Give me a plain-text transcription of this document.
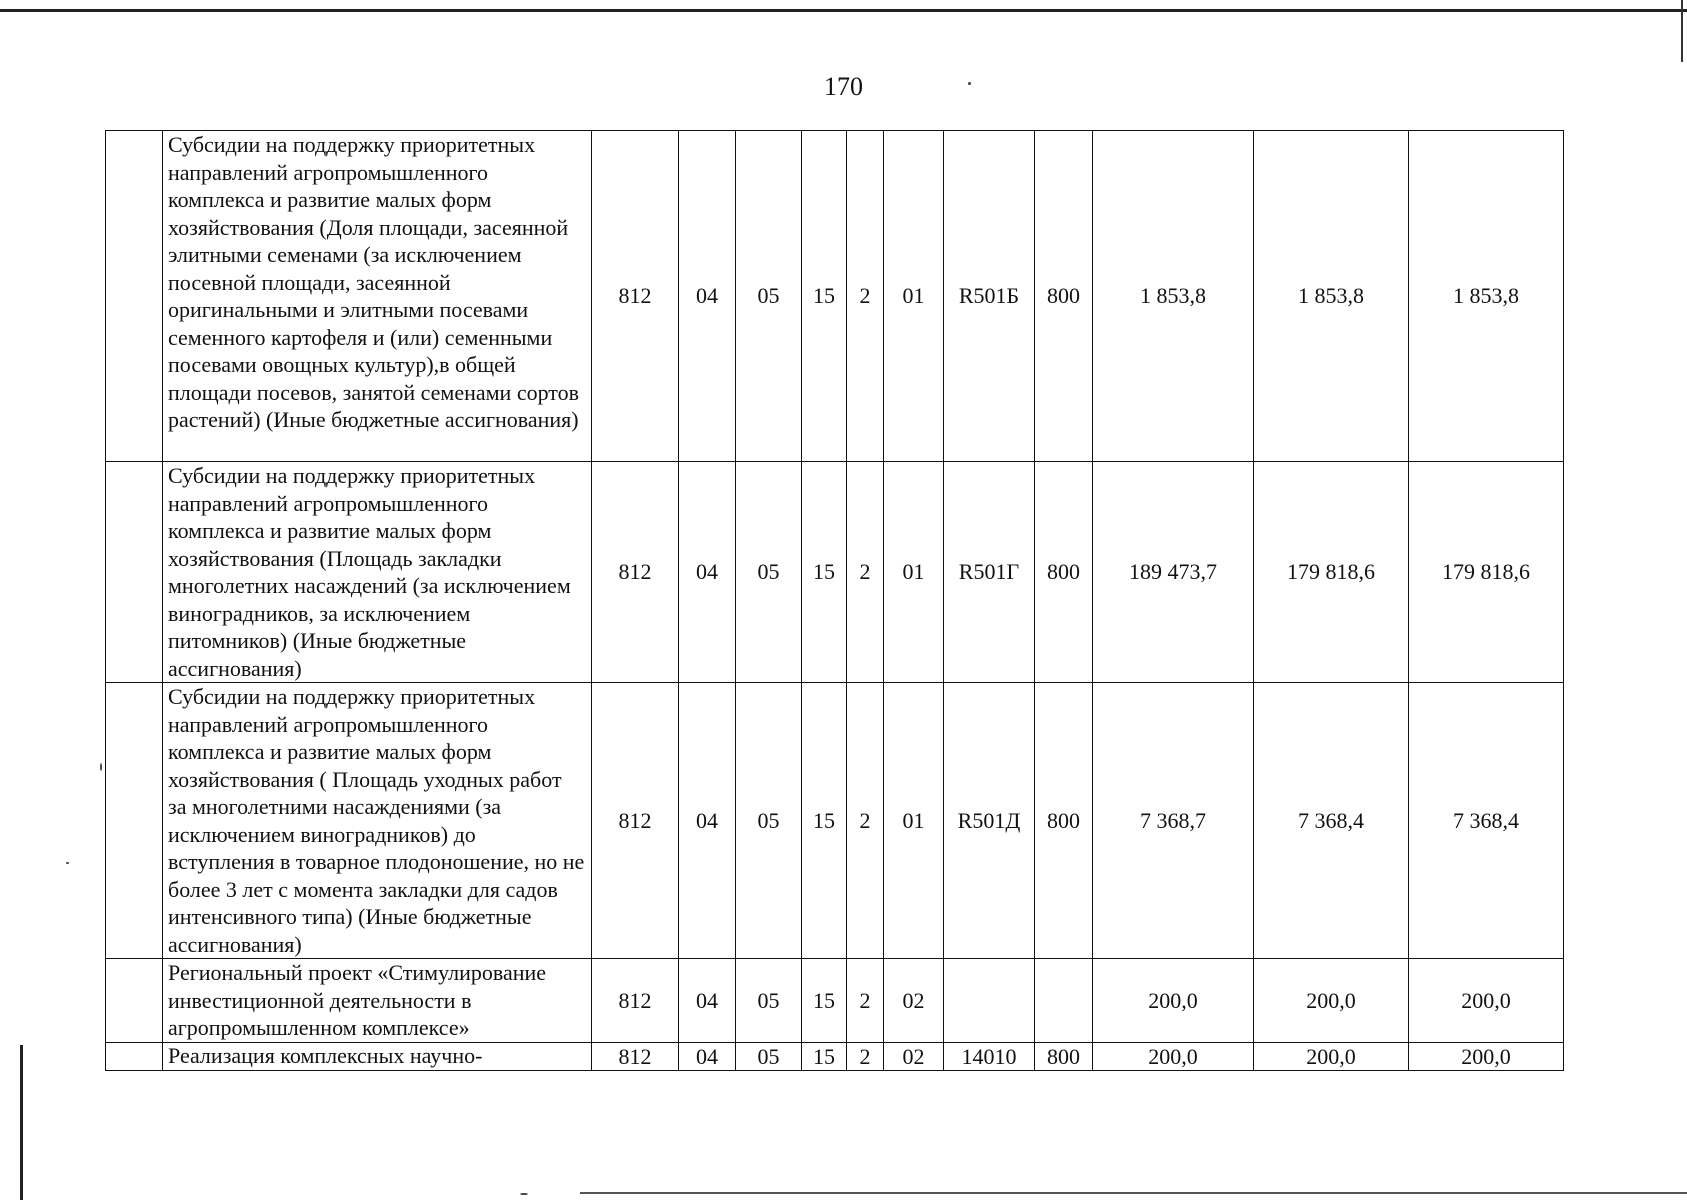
170
	Субсидии на поддержку приоритетных направлений агропромышленного комплекса и развитие малых форм хозяйствования (Доля площади, засеянной элитными семенами (за исключением посевной площади, засеянной оригинальными и элитными посевами семенного картофеля и (или) семенными посевами овощных культур),в общей площади посевов, занятой семенами сортов растений) (Иные бюджетные ассигнования)	812	04	05	15	2	01	R501Б	800	1 853,8	1 853,8	1 853,8
	Субсидии на поддержку приоритетных направлений агропромышленного комплекса и развитие малых форм хозяйствования (Площадь закладки многолетних насаждений (за исключением виноградников, за исключением питомников) (Иные бюджетные ассигнования)	812	04	05	15	2	01	R501Г	800	189 473,7	179 818,6	179 818,6
	Субсидии на поддержку приоритетных направлений агропромышленного комплекса и развитие малых форм хозяйствования ( Площадь уходных работ за многолетними насаждениями (за исключением виноградников) до вступления в товарное плодоношение, но не более 3 лет с момента закладки для садов интенсивного типа) (Иные бюджетные ассигнования)	812	04	05	15	2	01	R501Д	800	7 368,7	7 368,4	7 368,4
	Региональный проект «Стимулирование инвестиционной деятельности в агропромышленном комплексе»	812	04	05	15	2	02			200,0	200,0	200,0
	Реализация комплексных научно-	812	04	05	15	2	02	14010	800	200,0	200,0	200,0
